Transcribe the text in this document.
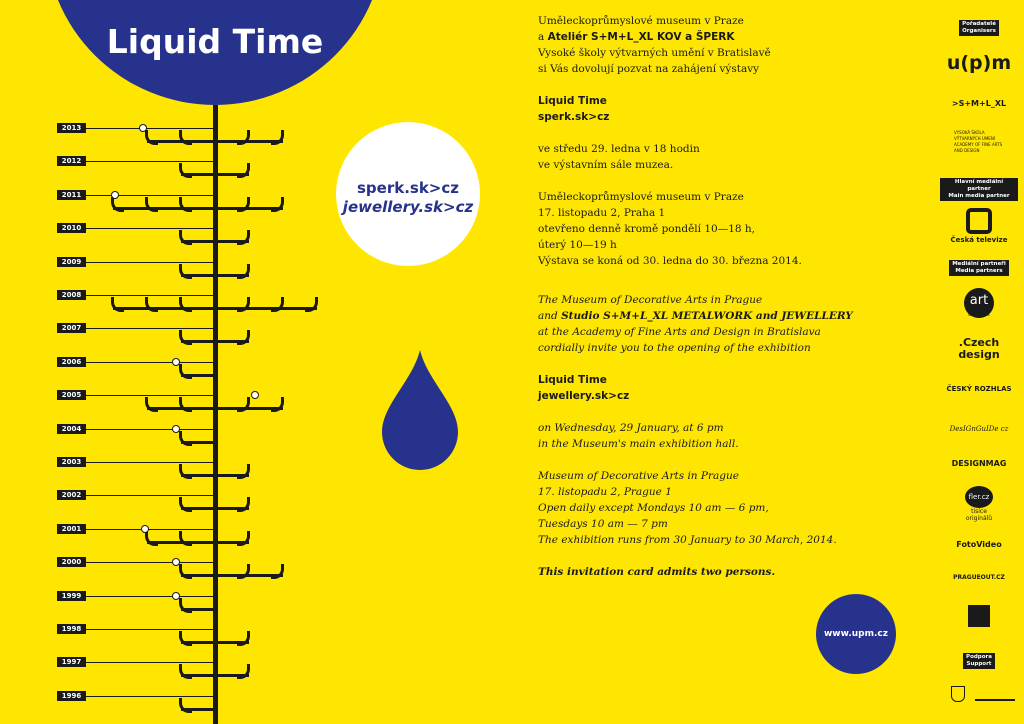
Liquid Time
2013
2012
2011
2010
2009
2008
2007
2006
2005
2004
2003
2002
2001
2000
1999
1998
1997
1996
sperk.sk>cz
jewellery.sk>cz

Uměleckoprůmyslové museum v Praze
a Ateliér S+M+L_XL KOV a ŠPERK
Vysoké školy výtvarných umění v Bratislavě
si Vás dovolují pozvat na zahájení výstavy

Liquid Time
sperk.sk>cz

ve středu 29. ledna v 18 hodin
ve výstavním sále muzea.

Uměleckoprůmyslové museum v Praze
17. listopadu 2, Praha 1
otevřeno denně kromě pondělí 10—18 h,
úterý 10—19 h
Výstava se koná od 30. ledna do 30. března 2014.

The Museum of Decorative Arts in Prague
and Studio S+M+L_XL METALWORK and JEWELLERY
at the Academy of Fine Arts and Design in Bratislava
cordially invite you to the opening of the exhibition

Liquid Time
jewellery.sk>cz

on Wednesday, 29 January, at 6 pm
in the Museum's main exhibition hall.

Museum of Decorative Arts in Prague
17. listopadu 2, Prague 1
Open daily except Mondays 10 am — 6 pm,
Tuesdays 10 am — 7 pm
The exhibition runs from 30 January to 30 March, 2014.

This invitation card admits two persons.

www.upm.cz
Pořadatelé
Organisers
u(p)m
>S+M+L_XL
VYSOKÁ ŠKOLA
VÝTVARNÝCH UMENÍ
ACADEMY OF FINE ARTS
AND DESIGN
Hlavní mediální partner
Main media partner
Česká televize
Mediální partneři
Media partners
art
& antiques
.Czech
design
ČESKÝ ROZHLAS
DesIGnGuIDe cz
DESIGNMAG
fler.cz
tisíce
originálů
FotoVideo
PRAGUEOUT.CZ
Podpora
Support
